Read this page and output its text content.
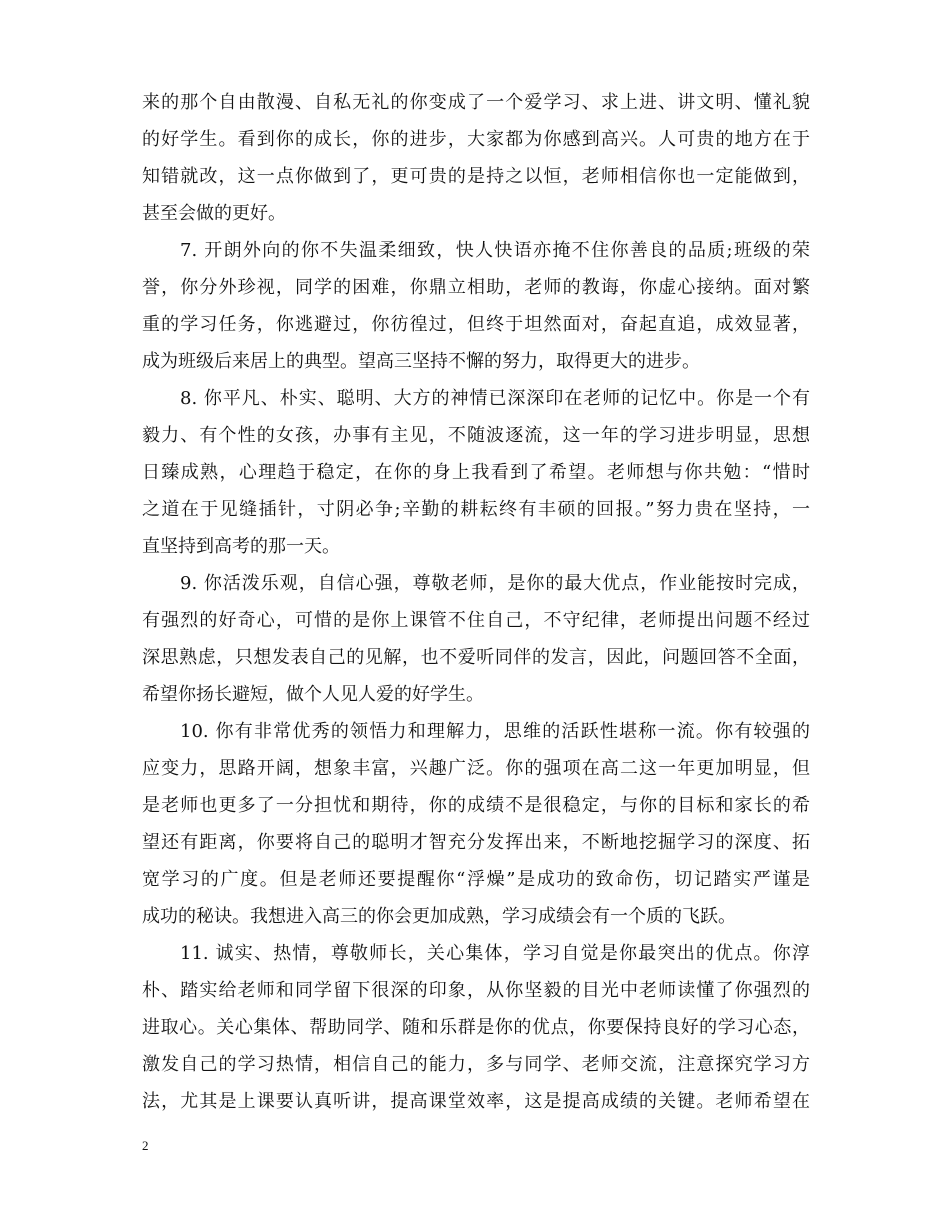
来的那个自由散漫、自私无礼的你变成了一个爱学习、求上进、讲文明、懂礼貌
的好学生。看到你的成长，你的进步，大家都为你感到高兴。人可贵的地方在于
知错就改，这一点你做到了，更可贵的是持之以恒，老师相信你也一定能做到，
甚至会做的更好。
7. 开朗外向的你不失温柔细致，快人快语亦掩不住你善良的品质;班级的荣
誉，你分外珍视，同学的困难，你鼎立相助，老师的教诲，你虚心接纳。面对繁
重的学习任务，你逃避过，你彷徨过，但终于坦然面对，奋起直追，成效显著，
成为班级后来居上的典型。望高三坚持不懈的努力，取得更大的进步。
8. 你平凡、朴实、聪明、大方的神情已深深印在老师的记忆中。你是一个有
毅力、有个性的女孩，办事有主见，不随波逐流，这一年的学习进步明显，思想
日臻成熟，心理趋于稳定，在你的身上我看到了希望。老师想与你共勉：“惜时
之道在于见缝插针，寸阴必争;辛勤的耕耘终有丰硕的回报。”努力贵在坚持，一
直坚持到高考的那一天。
9. 你活泼乐观，自信心强，尊敬老师，是你的最大优点，作业能按时完成，
有强烈的好奇心，可惜的是你上课管不住自己，不守纪律，老师提出问题不经过
深思熟虑，只想发表自己的见解，也不爱听同伴的发言，因此，问题回答不全面，
希望你扬长避短，做个人见人爱的好学生。
10. 你有非常优秀的领悟力和理解力，思维的活跃性堪称一流。你有较强的
应变力，思路开阔，想象丰富，兴趣广泛。你的强项在高二这一年更加明显，但
是老师也更多了一分担忧和期待，你的成绩不是很稳定，与你的目标和家长的希
望还有距离，你要将自己的聪明才智充分发挥出来，不断地挖掘学习的深度、拓
宽学习的广度。但是老师还要提醒你“浮燥”是成功的致命伤，切记踏实严谨是
成功的秘诀。我想进入高三的你会更加成熟，学习成绩会有一个质的飞跃。
11. 诚实、热情，尊敬师长，关心集体，学习自觉是你最突出的优点。你淳
朴、踏实给老师和同学留下很深的印象，从你坚毅的目光中老师读懂了你强烈的
进取心。关心集体、帮助同学、随和乐群是你的优点，你要保持良好的学习心态，
激发自己的学习热情，相信自己的能力，多与同学、老师交流，注意探究学习方
法，尤其是上课要认真听讲，提高课堂效率，这是提高成绩的关键。老师希望在
2
